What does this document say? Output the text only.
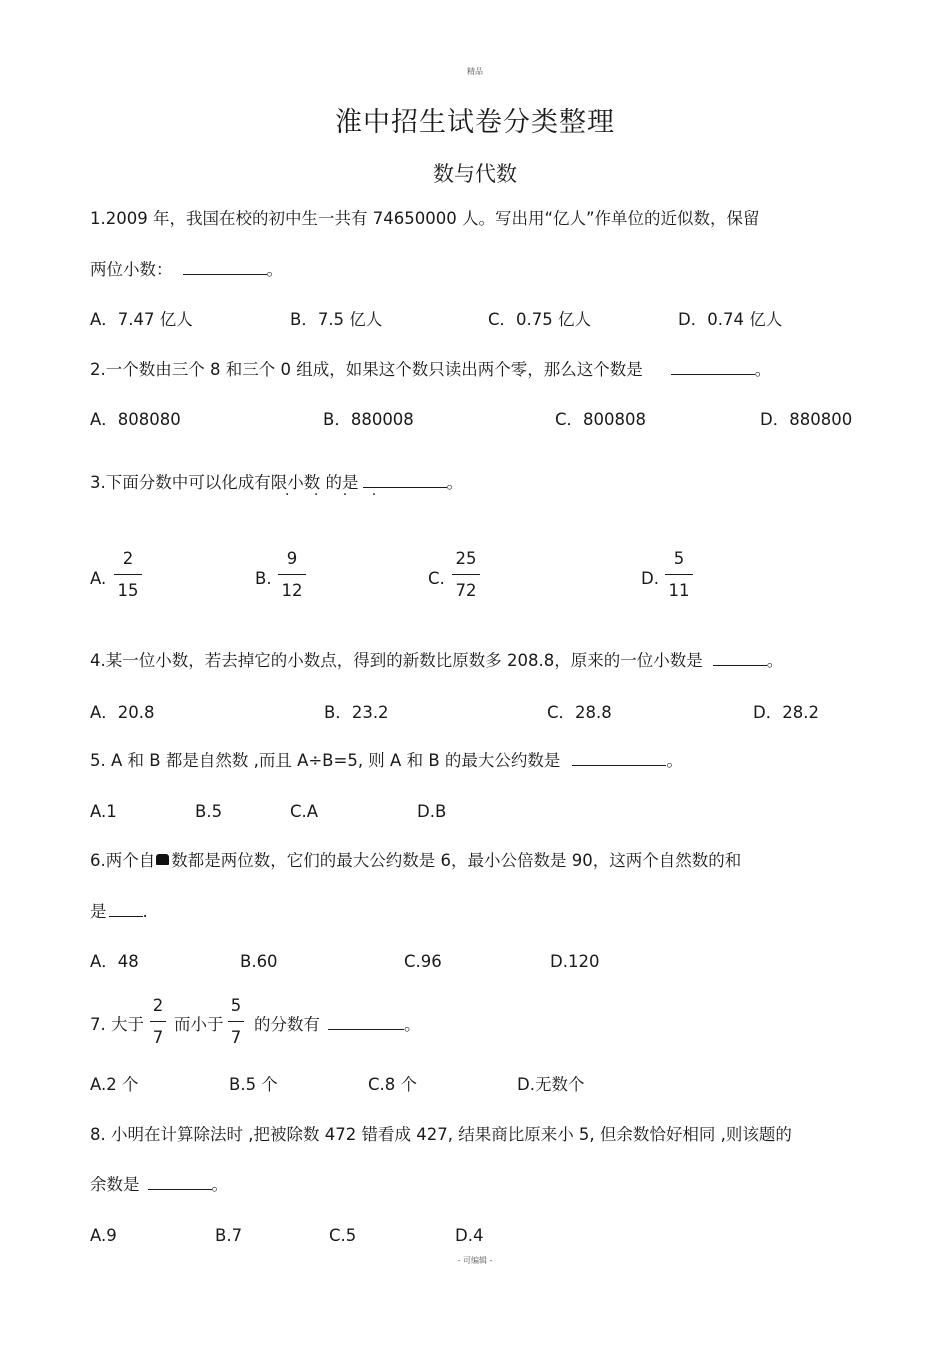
精品
- 可编辑 -
淮中招生试卷分类整理
数与代数
1.2009 年，我国在校的初中生一共有 74650000 人。写出用“亿人”作单位的近似数，保留
两位小数：	。
A．7.47 亿人	B．7.5 亿人	C．0.75 亿人	D．0.74 亿人
2.一个数由三个 8 和三个 0 组成，如果这个数只读出两个零，那么这个数是	。
A．808080	B．880008	C．800808	D．880800
3.下面分数中可以化成有限小数 的是	。
· · · ·
A.
2
15
B.
9
12
C.
25
72
D.
5
11
4.某一位小数，若去掉它的小数点，得到的新数比原数多 208.8，原来的一位小数是	。
A．20.8	B．23.2	C．28.8	D．28.2
5. A 和 B 都是自然数 ,而且 A÷B=5, 则 A 和 B 的最大公约数是	。
A.1	B.5	C.A	D.B
6.两个自 数都是两位数，它们的最大公约数是 6，最小公倍数是 90，这两个自然数的和
是 .
A．48	B.60	C.96	D.120
7. 大于
2
7
而小于
5
7
的分数有	。
A.2 个	B.5 个	C.8 个	D.无数个
8. 小明在计算除法时 ,把被除数 472 错看成 427, 结果商比原来小 5, 但余数恰好相同 ,则该题的
余数是	。
A.9	B.7	C.5	D.4
